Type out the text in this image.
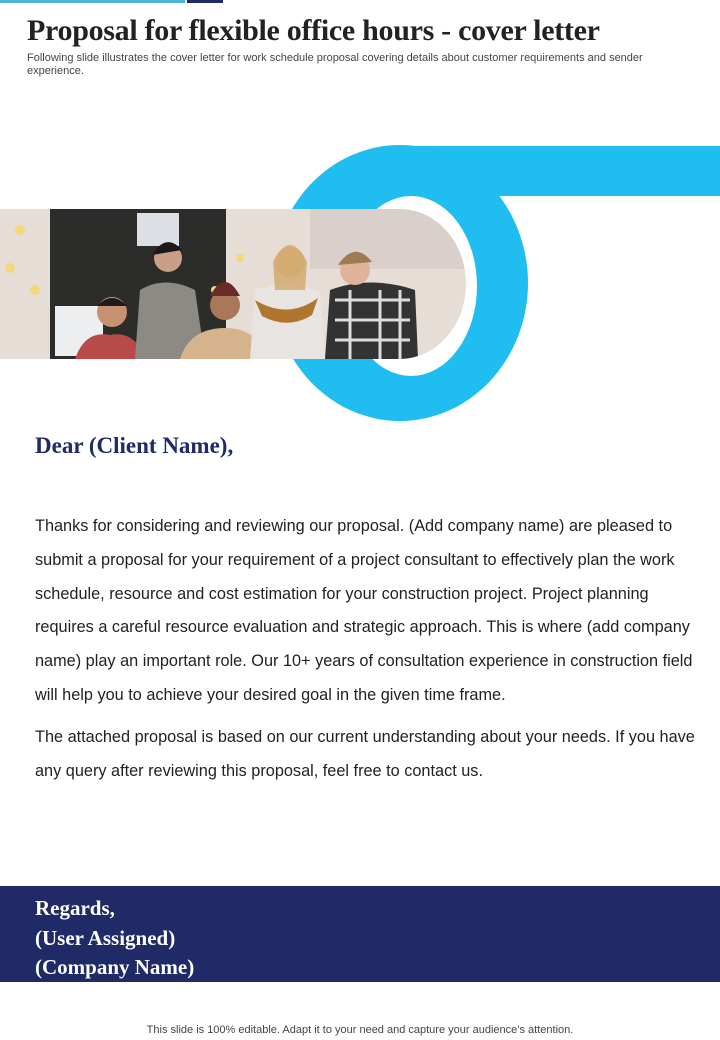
Proposal for flexible office hours - cover letter
Following slide illustrates the cover letter for work schedule proposal covering details about customer requirements and sender experience.
Dear (Client Name),

Thanks for considering and reviewing our proposal. (Add company name) are pleased to submit a proposal for your requirement of a project consultant to effectively plan the work schedule, resource and cost estimation for your construction project. Project planning requires a careful resource evaluation and strategic approach. This is where (add company name) play an important role. Our 10+ years of consultation experience in construction field will help you to achieve your desired goal in the given time frame.

The attached proposal is based on our current understanding about your needs. If you have any query after reviewing this proposal, feel free to contact us.

Regards,
(User Assigned)
(Company Name)
This slide is 100% editable. Adapt it to your need and capture your audience’s attention.
